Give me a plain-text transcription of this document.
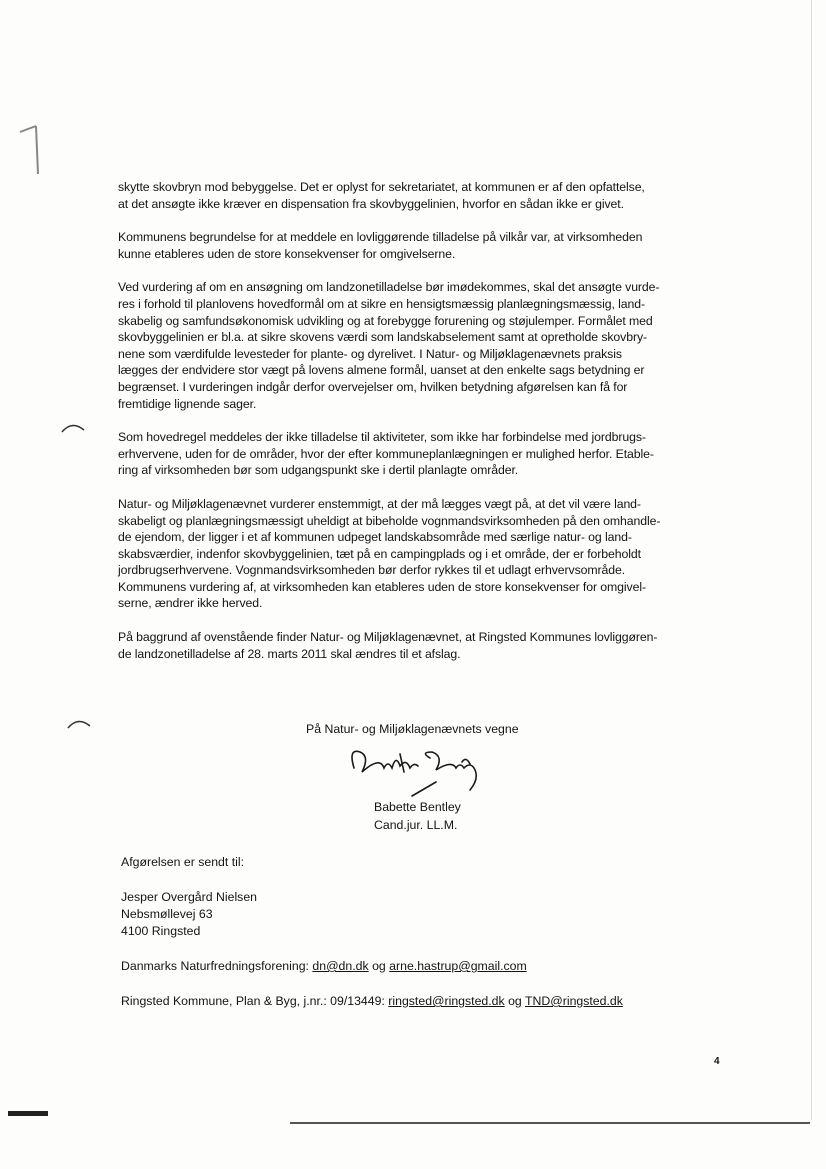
skytte skovbryn mod bebyggelse. Det er oplyst for sekretariatet, at kommunen er af den opfattelse,
at det ansøgte ikke kræver en dispensation fra skovbyggelinien, hvorfor en sådan ikke er givet.

Kommunens begrundelse for at meddele en lovliggørende tilladelse på vilkår var, at virksomheden
kunne etableres uden de store konsekvenser for omgivelserne.

Ved vurdering af om en ansøgning om landzonetilladelse bør imødekommes, skal det ansøgte vurde-
res i forhold til planlovens hovedformål om at sikre en hensigtsmæssig planlægningsmæssig, land-
skabelig og samfundsøkonomisk udvikling og at forebygge forurening og støjulemper. Formålet med
skovbyggelinien er bl.a. at sikre skovens værdi som landskabselement samt at opretholde skovbry-
nene som værdifulde levesteder for plante- og dyrelivet. I Natur- og Miljøklagenævnets praksis
lægges der endvidere stor vægt på lovens almene formål, uanset at den enkelte sags betydning er
begrænset. I vurderingen indgår derfor overvejelser om, hvilken betydning afgørelsen kan få for
fremtidige lignende sager.

Som hovedregel meddeles der ikke tilladelse til aktiviteter, som ikke har forbindelse med jordbrugs-
erhvervene, uden for de områder, hvor der efter kommuneplanlægningen er mulighed herfor. Etable-
ring af virksomheden bør som udgangspunkt ske i dertil planlagte områder.

Natur- og Miljøklagenævnet vurderer enstemmigt, at der må lægges vægt på, at det vil være land-
skabeligt og planlægningsmæssigt uheldigt at bibeholde vognmandsvirksomheden på den omhandle-
de ejendom, der ligger i et af kommunen udpeget landskabsområde med særlige natur- og land-
skabsværdier, indenfor skovbyggelinien, tæt på en campingplads og i et område, der er forbeholdt
jordbrugserhvervene. Vognmandsvirksomheden bør derfor rykkes til et udlagt erhvervsområde.
Kommunens vurdering af, at virksomheden kan etableres uden de store konsekvenser for omgivel-
serne, ændrer ikke herved.

På baggrund af ovenstående finder Natur- og Miljøklagenævnet, at Ringsted Kommunes lovliggøren-
de landzonetilladelse af 28. marts 2011 skal ændres til et afslag.

På Natur- og Miljøklagenævnets vegne
Babette Bentley
Cand.jur. LL.M.
Afgørelsen er sendt til:
Jesper Overgård Nielsen
Nebsmøllevej 63
4100 Ringsted
Danmarks Naturfredningsforening: dn@dn.dk og arne.hastrup@gmail.com
Ringsted Kommune, Plan & Byg, j.nr.: 09/13449: ringsted@ringsted.dk og TND@ringsted.dk
4
